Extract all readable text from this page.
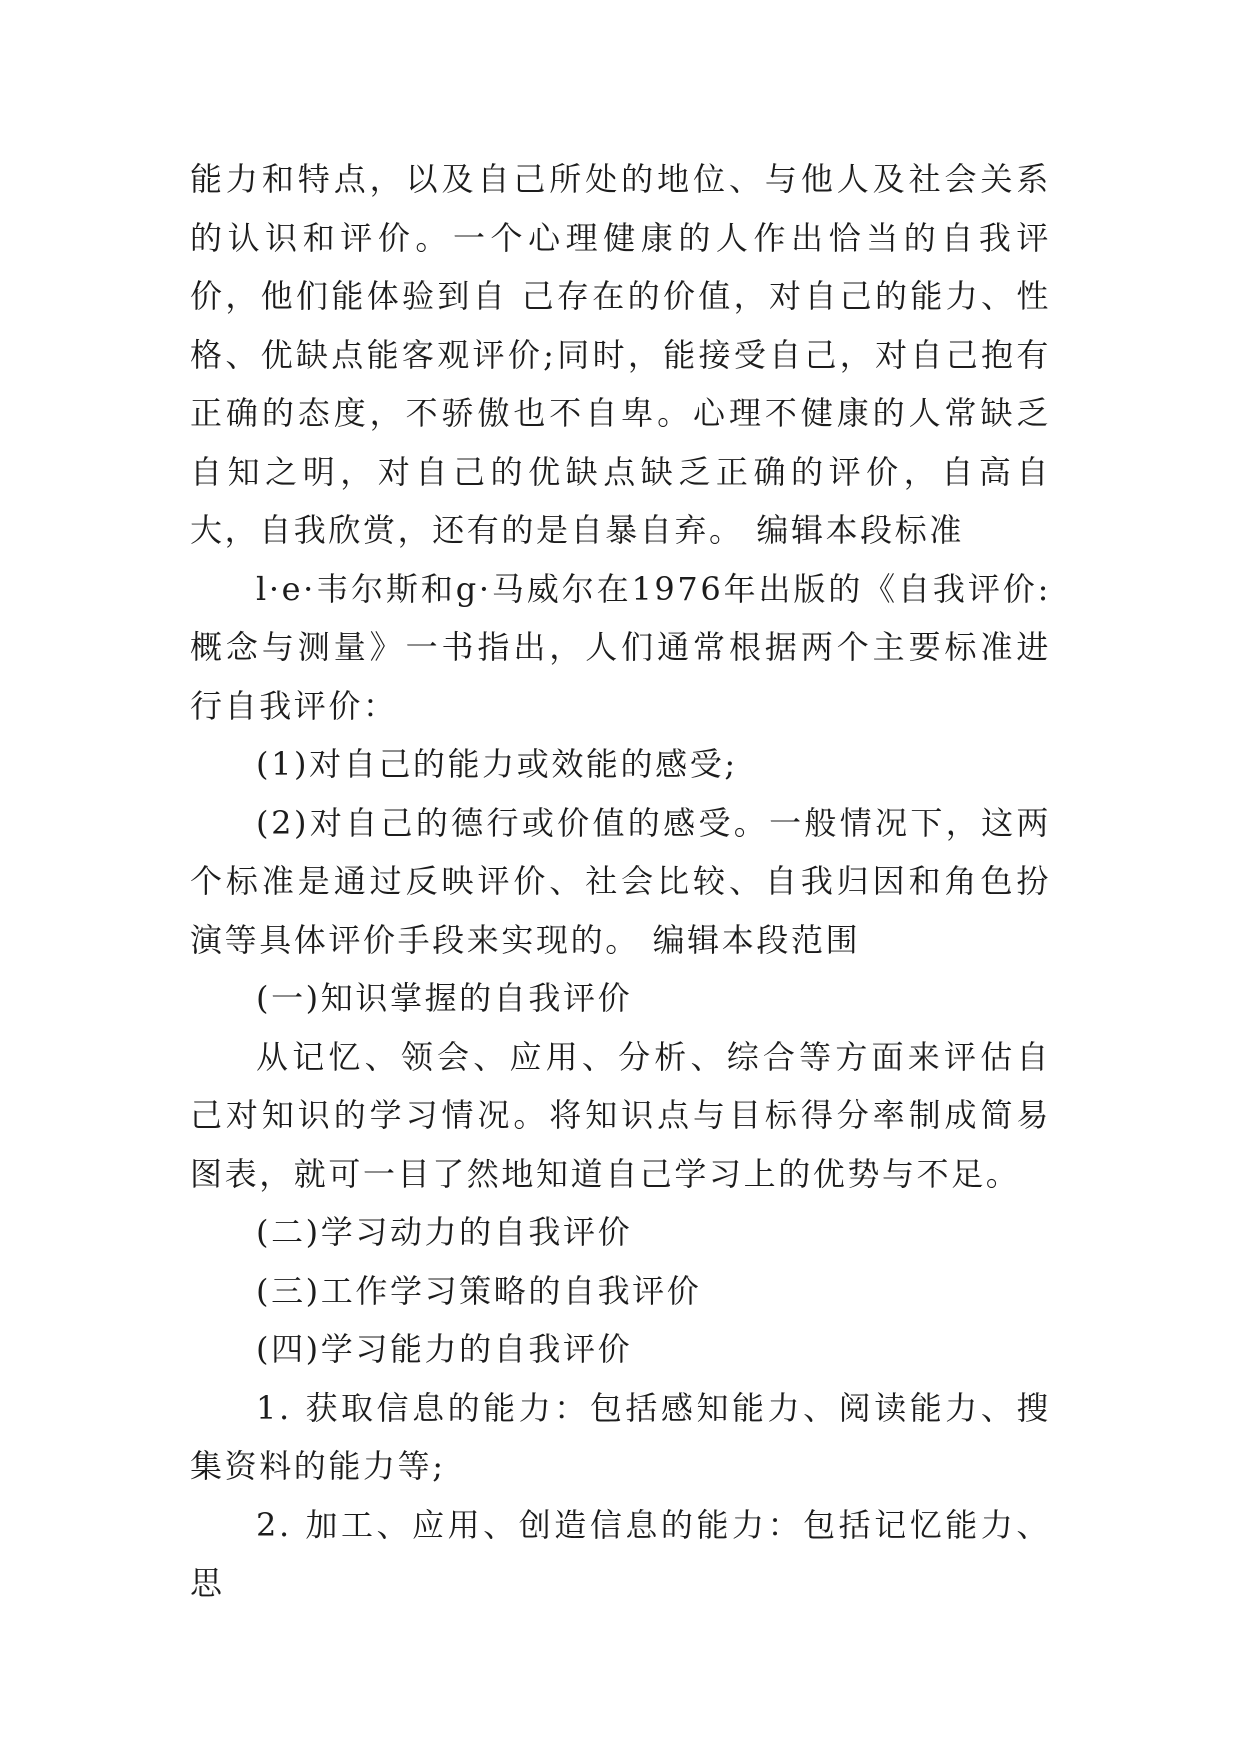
能力和特点，以及自己所处的地位、与他人及社会关系的认识和评价。一个心理健康的人作出恰当的自我评价，他们能体验到自 己存在的价值，对自己的能力、性格、优缺点能客观评价;同时，能接受自己，对自己抱有正确的态度，不骄傲也不自卑。心理不健康的人常缺乏自知之明，对自己的优缺点缺乏正确的评价，自高自大，自我欣赏，还有的是自暴自弃。 编辑本段标准

l·e·韦尔斯和g·马威尔在1976年出版的《自我评价:概念与测量》一书指出，人们通常根据两个主要标准进行自我评价：

(1)对自己的能力或效能的感受;

(2)对自己的德行或价值的感受。一般情况下，这两个标准是通过反映评价、社会比较、自我归因和角色扮演等具体评价手段来实现的。 编辑本段范围

(一)知识掌握的自我评价

从记忆、领会、应用、分析、综合等方面来评估自己对知识的学习情况。将知识点与目标得分率制成简易图表，就可一目了然地知道自己学习上的优势与不足。

(二)学习动力的自我评价

(三)工作学习策略的自我评价

(四)学习能力的自我评价

1. 获取信息的能力：包括感知能力、阅读能力、搜集资料的能力等;

2. 加工、应用、创造信息的能力：包括记忆能力、思
